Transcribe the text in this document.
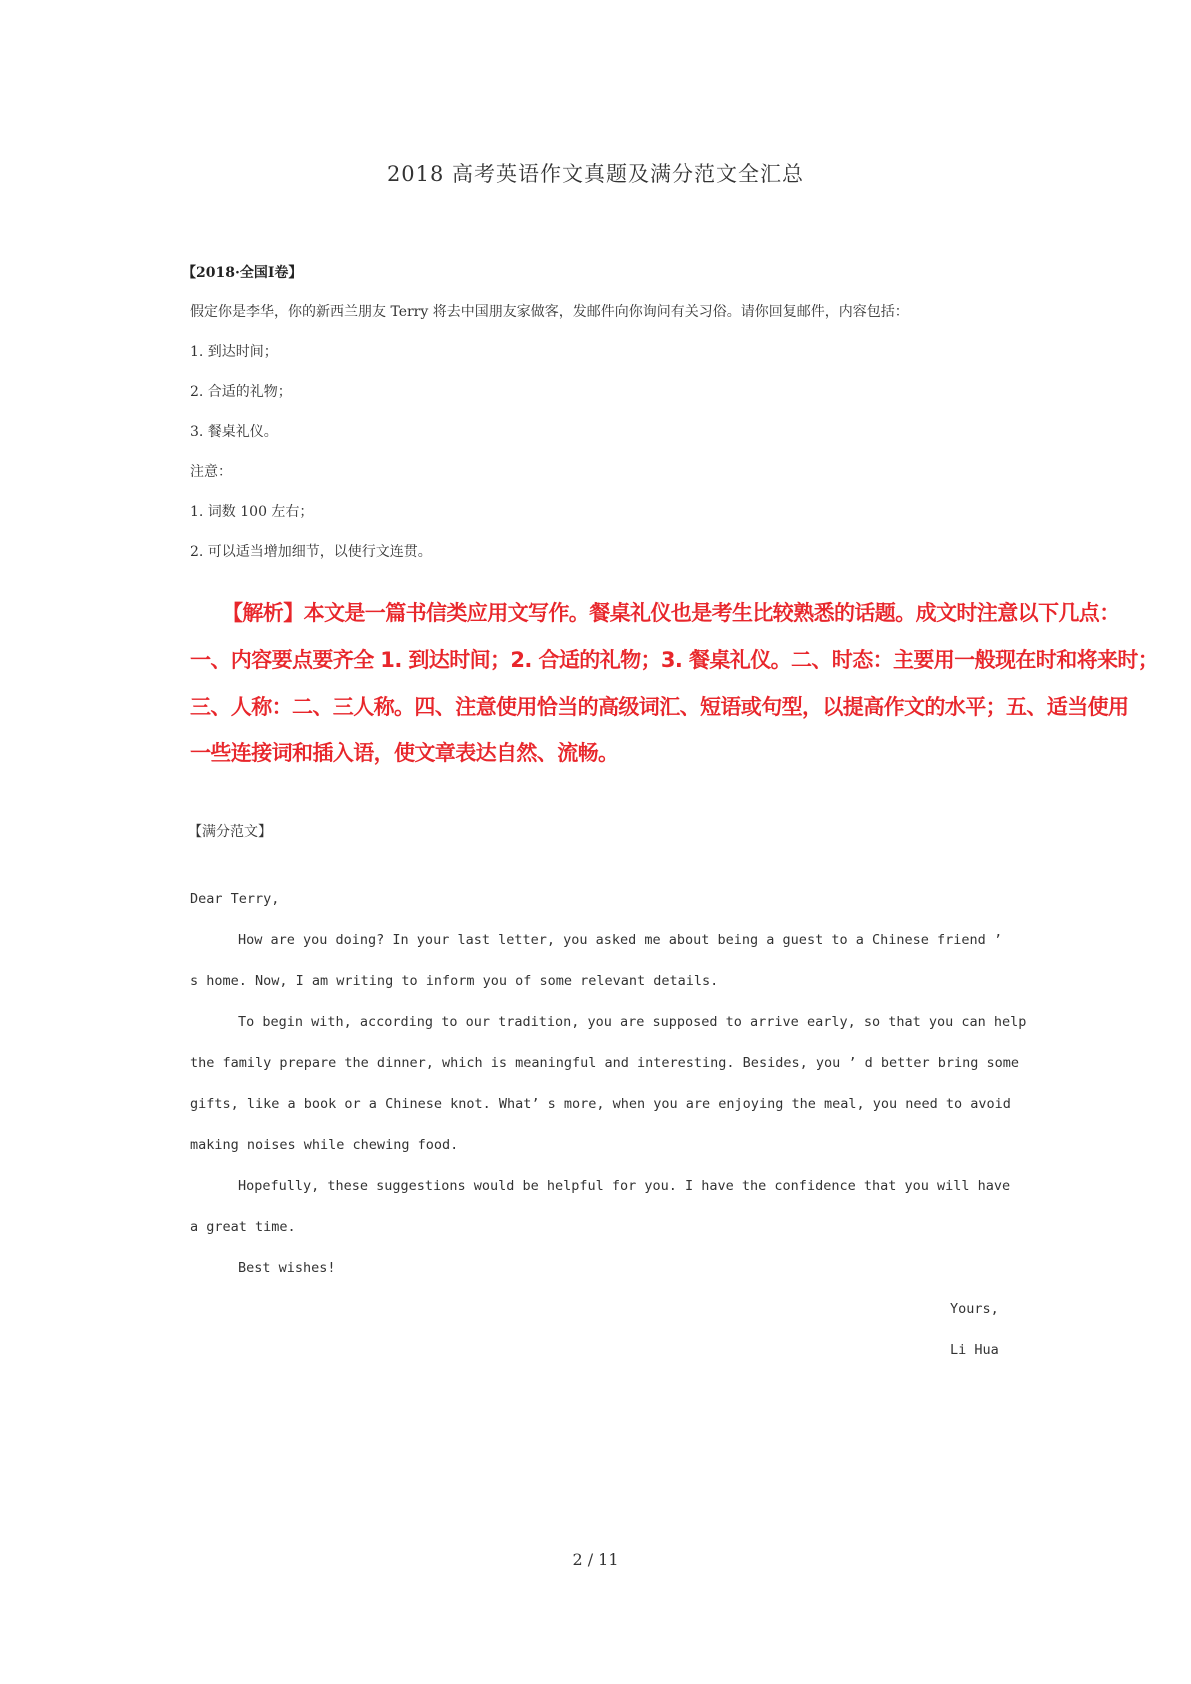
2018 高考英语作文真题及满分范文全汇总
【2018·全国Ⅰ卷】
假定你是李华，你的新西兰朋友 Terry 将去中国朋友家做客，发邮件向你询问有关习俗。请你回复邮件，内容包括：
1. 到达时间；
2. 合适的礼物；
3. 餐桌礼仪。
注意：
1. 词数 100 左右；
2. 可以适当增加细节，以使行文连贯。
【解析】本文是一篇书信类应用文写作。餐桌礼仪也是考生比较熟悉的话题。成文时注意以下几点：
一、内容要点要齐全 1. 到达时间；2. 合适的礼物；3. 餐桌礼仪。二、时态：主要用一般现在时和将来时；
三、人称：二、三人称。四、注意使用恰当的高级词汇、短语或句型，以提高作文的水平；五、适当使用
一些连接词和插入语，使文章表达自然、流畅。
【满分范文】
Dear Terry,
How are you doing? In your last letter, you asked me about being a guest to a Chinese friend ’
s home. Now, I am writing to inform you of some relevant details.
To begin with, according to our tradition, you are supposed to arrive early, so that you can help
the family prepare the dinner, which is meaningful and interesting. Besides, you ’ d better bring some
gifts, like a book or a Chinese knot. What’ s more, when you are enjoying the meal, you need to avoid
making noises while chewing food.
Hopefully, these suggestions would be helpful for you. I have the confidence that you will have
a great time.
Best wishes!
Yours,
Li Hua
2 / 11
